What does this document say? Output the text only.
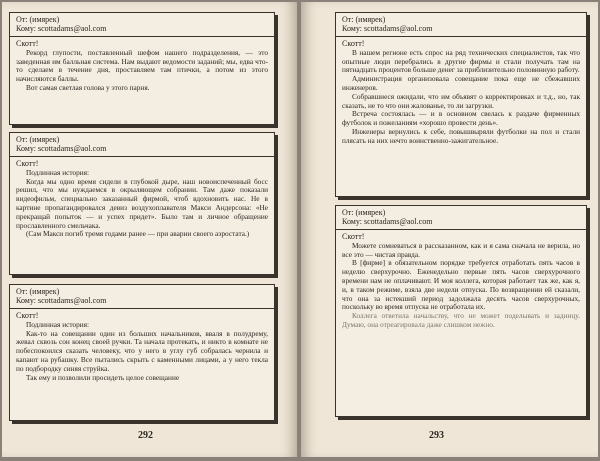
От: (имярек)
Кому: scottadams@aol.com

Скотт!

Рекорд глупости, поставленный шефом нашего подразделения, — это заведенная им балльная система. Нам выдают ведомости заданий; мы, едва что-то сделаем в течение дня, проставляем там птички, а потом из этого начисляются баллы.

Вот самая светлая голова у этого парня.

От: (имярек)
Кому: scottadams@aol.com

Скотт!

Подлинная история:

Когда мы одно время сидели в глубокой дыре, наш новоиспеченный босс решил, что мы нуждаемся в окрыляющем собрании. Там даже показали видеофильм, специально заказанный фирмой, чтоб вдохновить нас. Не в картине пропагандировался девиз воздухоплавателя Макси Андерсона: «Не прекращай попыток — и успех придет». Было там и личное обращение прославленного смельчака.

(Сам Макси погиб тремя годами ранее — при аварии своего аэростата.)

От: (имярек)
Кому: scottadams@aol.com

Скотт!

Подлинная история:

Как-то на совещании один из больших начальников, вваля в полудрему, жевал сквозь сон конец своей ручки. Та начала протекать, и никто в комнате не побеспокоился сказать человеку, что у него в углу губ собралась чернила и капают на рубашку. Все пытались скрыть с каменными лицами, а у него текла по подбородку синяя струйка.

Так ему и позволили просидеть целое совещание

292
От: (имярек)
Кому: scottadams@aol.com

Скотт!

В нашем регионе есть спрос на ряд технических специалистов, так что опытные люди перебрались в другие фирмы и стали получать там на пятнадцать процентов больше денег за приблизительно половинную работу.

Администрация организовала совещание пока еще не сбежавших инженеров.

Собравшиеся ожидали, что им объявят о корректировках и т.д., но, так сказать, не то что они жалованье, то ли загрузки.

Встреча состоялась — и в основном свелась к раздаче фирменных футболок и пожеланиям «хорошо провести день».

Инженеры вернулись к себе, повышвыряли футболки на пол и стали плясать на них нечто воинственно-зажигательное.

От: (имярек)
Кому: scottadams@aol.com

Скотт!

Можете сомневаться в рассказанном, как и я сама сначала не верила, но все это — чистая правда.

В [фирме] в обязательном порядке требуется отработать пять часов в неделю сверхурочно. Еженедельно первые пять часов сверхурочного времени нам не оплачивают. И моя коллега, которая работает так же, как я, и, в таком режиме, взяла две недели отпуска. По возвращении ей сказали, что она за истекший период задолжала десять часов сверхурочных, поскольку во время отпуска не отработала их.

Коллега ответила начальству, что не может поделывать и задницу. Думаю, она отреагировала даже слишком нежно.

293
